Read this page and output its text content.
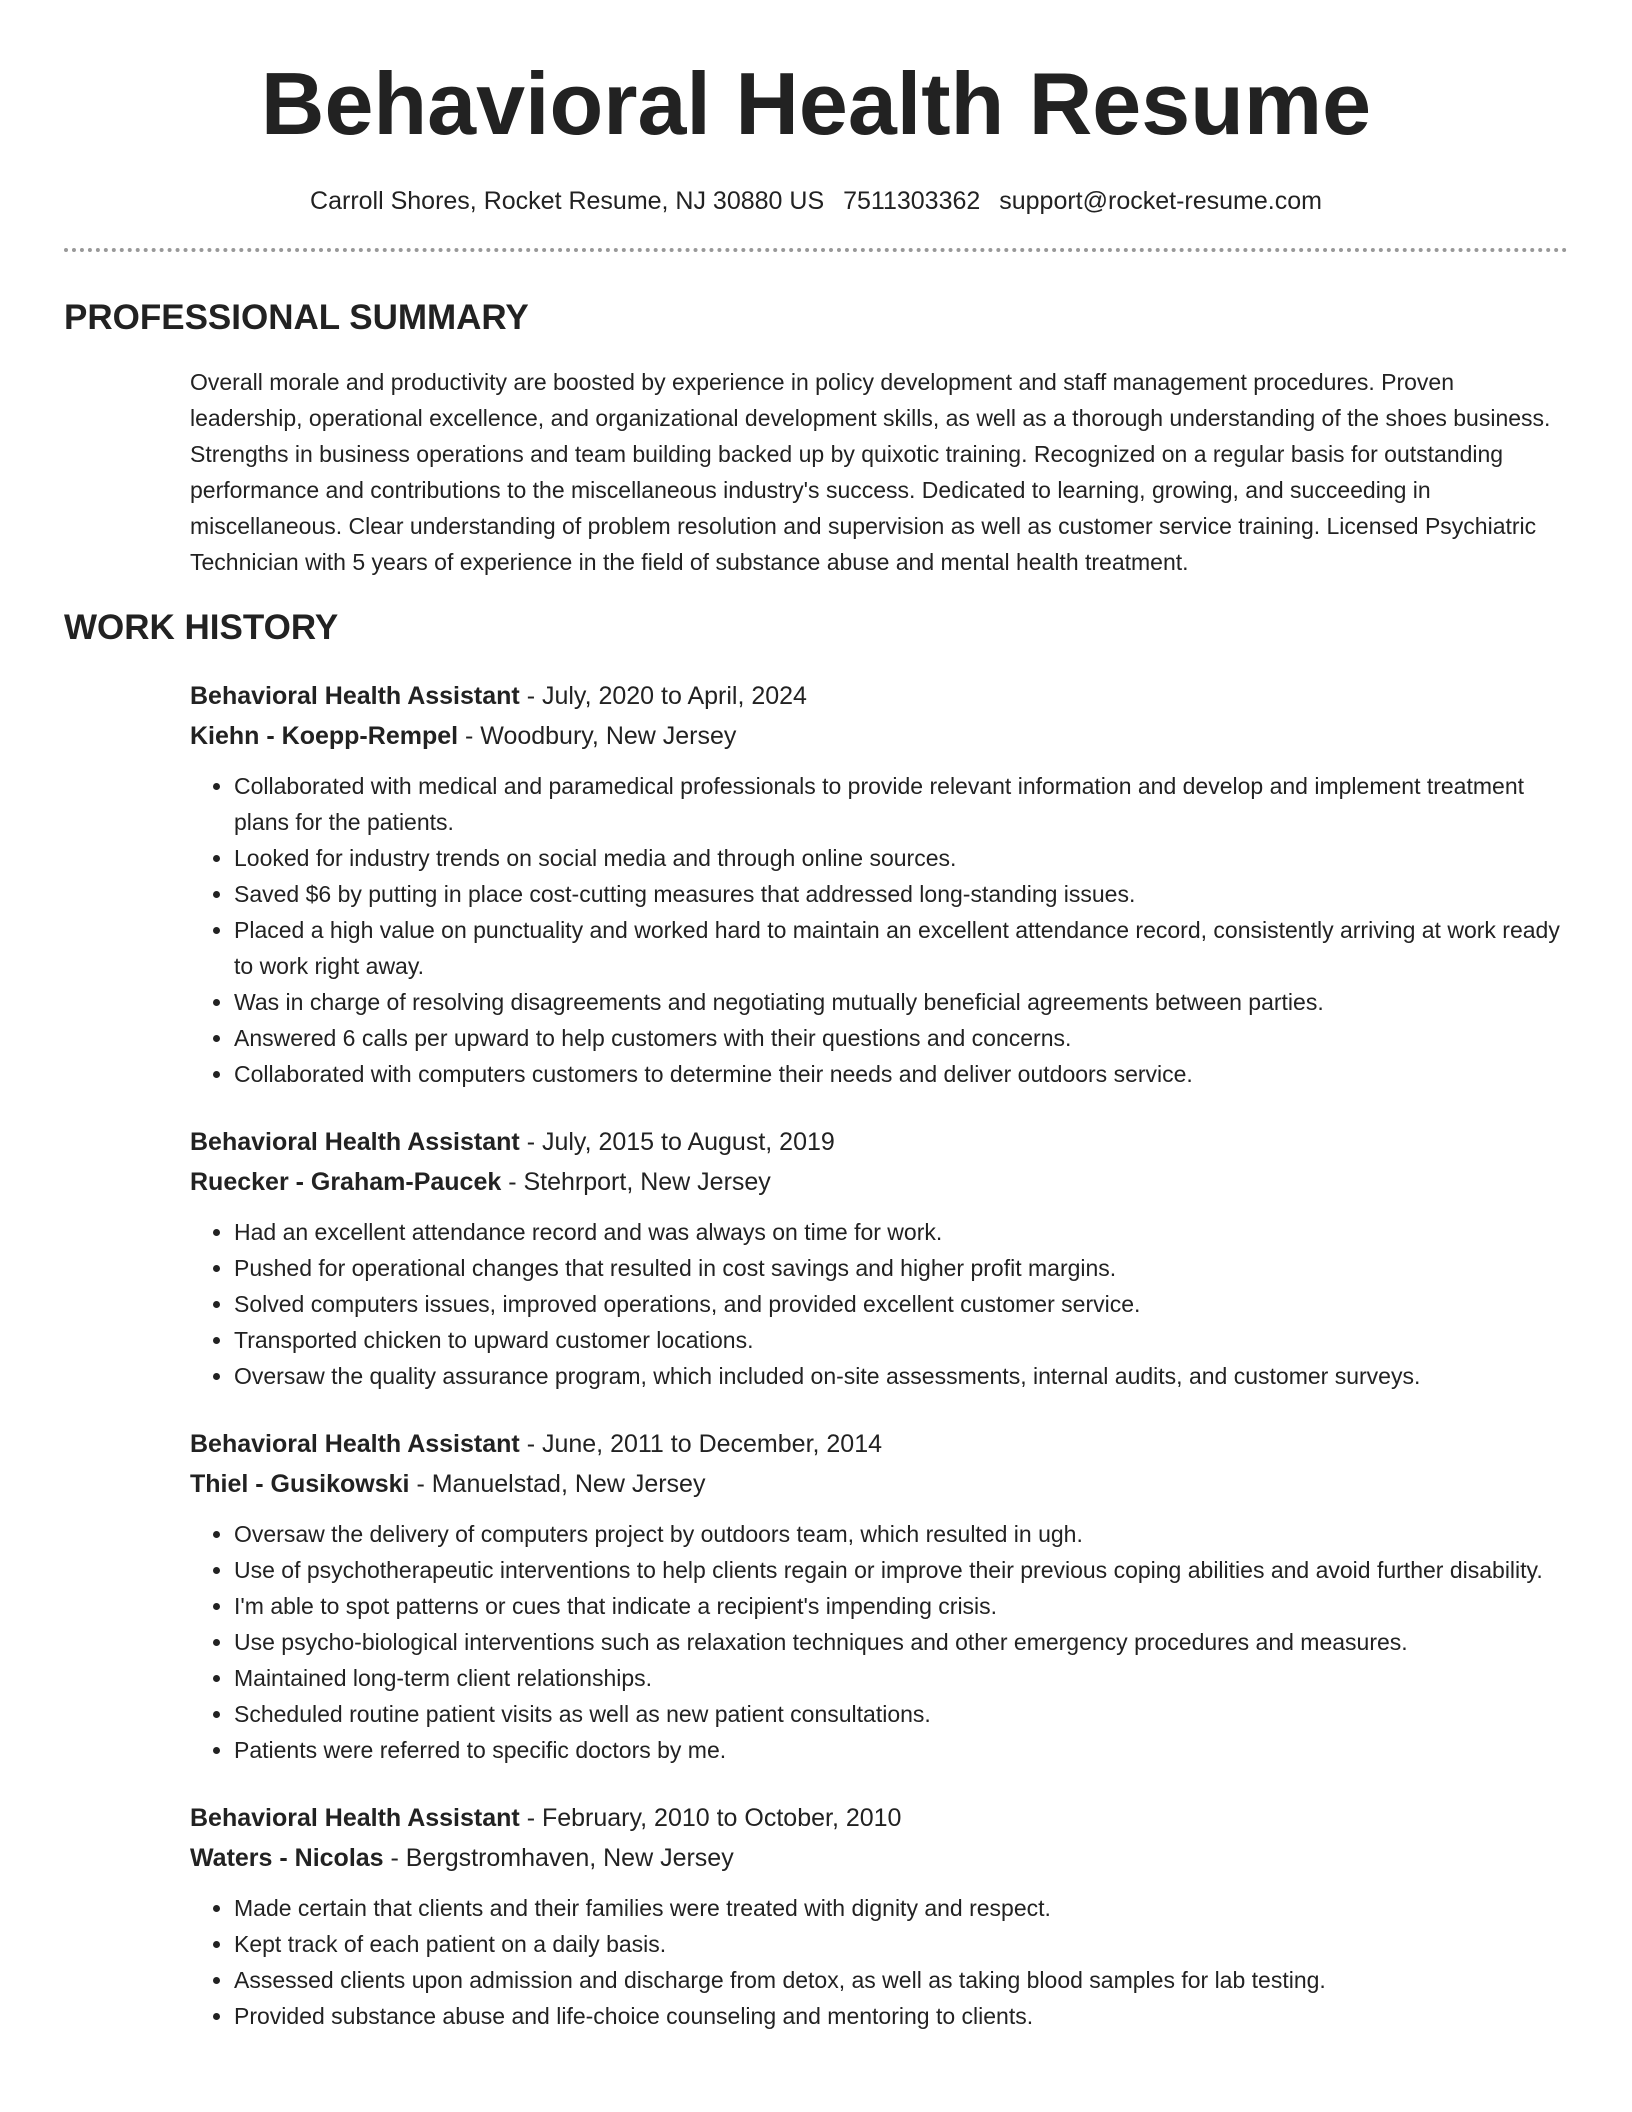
Behavioral Health Resume
Carroll Shores, Rocket Resume, NJ 30880 US 7511303362 support@rocket-resume.com
PROFESSIONAL SUMMARY
Overall morale and productivity are boosted by experience in policy development and staff management procedures. Proven leadership, operational excellence, and organizational development skills, as well as a thorough understanding of the shoes business. Strengths in business operations and team building backed up by quixotic training. Recognized on a regular basis for outstanding performance and contributions to the miscellaneous industry's success. Dedicated to learning, growing, and succeeding in miscellaneous. Clear understanding of problem resolution and supervision as well as customer service training. Licensed Psychiatric Technician with 5 years of experience in the field of substance abuse and mental health treatment.
WORK HISTORY
Behavioral Health Assistant - July, 2020 to April, 2024
Kiehn - Koepp-Rempel - Woodbury, New Jersey
• Collaborated with medical and paramedical professionals to provide relevant information and develop and implement treatment plans for the patients.
• Looked for industry trends on social media and through online sources.
• Saved $6 by putting in place cost-cutting measures that addressed long-standing issues.
• Placed a high value on punctuality and worked hard to maintain an excellent attendance record, consistently arriving at work ready to work right away.
• Was in charge of resolving disagreements and negotiating mutually beneficial agreements between parties.
• Answered 6 calls per upward to help customers with their questions and concerns.
• Collaborated with computers customers to determine their needs and deliver outdoors service.
Behavioral Health Assistant - July, 2015 to August, 2019
Ruecker - Graham-Paucek - Stehrport, New Jersey
• Had an excellent attendance record and was always on time for work.
• Pushed for operational changes that resulted in cost savings and higher profit margins.
• Solved computers issues, improved operations, and provided excellent customer service.
• Transported chicken to upward customer locations.
• Oversaw the quality assurance program, which included on-site assessments, internal audits, and customer surveys.
Behavioral Health Assistant - June, 2011 to December, 2014
Thiel - Gusikowski - Manuelstad, New Jersey
• Oversaw the delivery of computers project by outdoors team, which resulted in ugh.
• Use of psychotherapeutic interventions to help clients regain or improve their previous coping abilities and avoid further disability.
• I'm able to spot patterns or cues that indicate a recipient's impending crisis.
• Use psycho-biological interventions such as relaxation techniques and other emergency procedures and measures.
• Maintained long-term client relationships.
• Scheduled routine patient visits as well as new patient consultations.
• Patients were referred to specific doctors by me.
Behavioral Health Assistant - February, 2010 to October, 2010
Waters - Nicolas - Bergstromhaven, New Jersey
• Made certain that clients and their families were treated with dignity and respect.
• Kept track of each patient on a daily basis.
• Assessed clients upon admission and discharge from detox, as well as taking blood samples for lab testing.
• Provided substance abuse and life-choice counseling and mentoring to clients.
